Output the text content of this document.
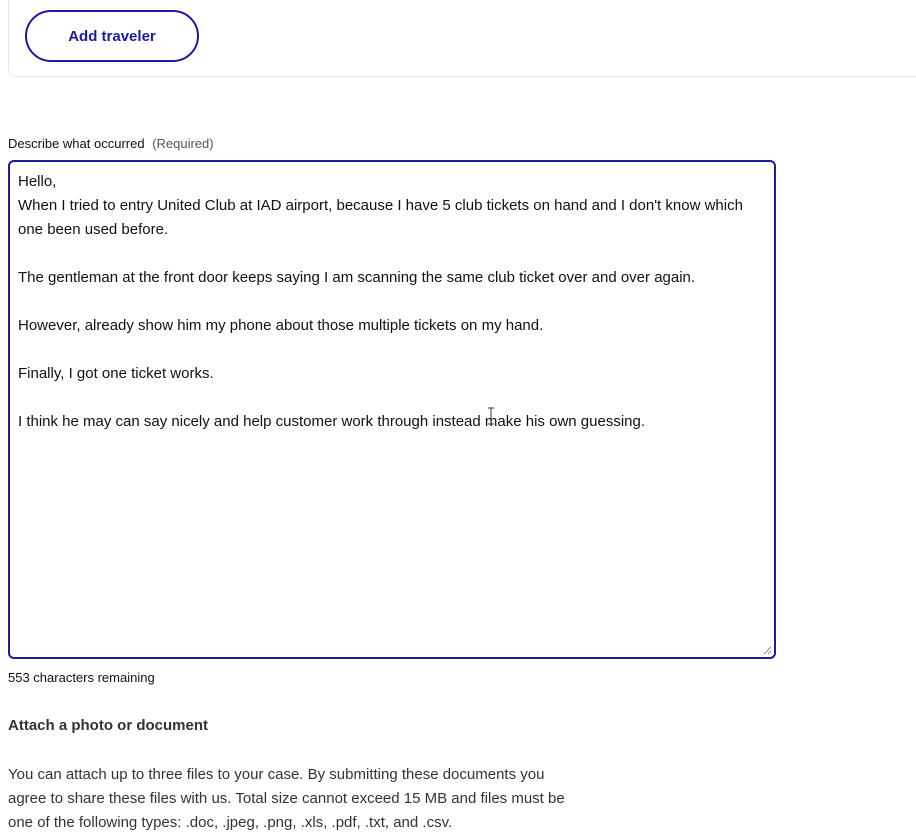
Add traveler
Describe what occurred (Required)
Hello,
When I tried to entry United Club at IAD airport, because I have 5 club tickets on hand and I don't know which one been used before.

The gentleman at the front door keeps saying I am scanning the same club ticket over and over again.

However, already show him my phone about those multiple tickets on my hand.

Finally, I got one ticket works.

I think he may can say nicely and help customer work through instead make his own guessing.
553 characters remaining
Attach a photo or document
You can attach up to three files to your case. By submitting these documents you agree to share these files with us. Total size cannot exceed 15 MB and files must be one of the following types: .doc, .jpeg, .png, .xls, .pdf, .txt, and .csv.
